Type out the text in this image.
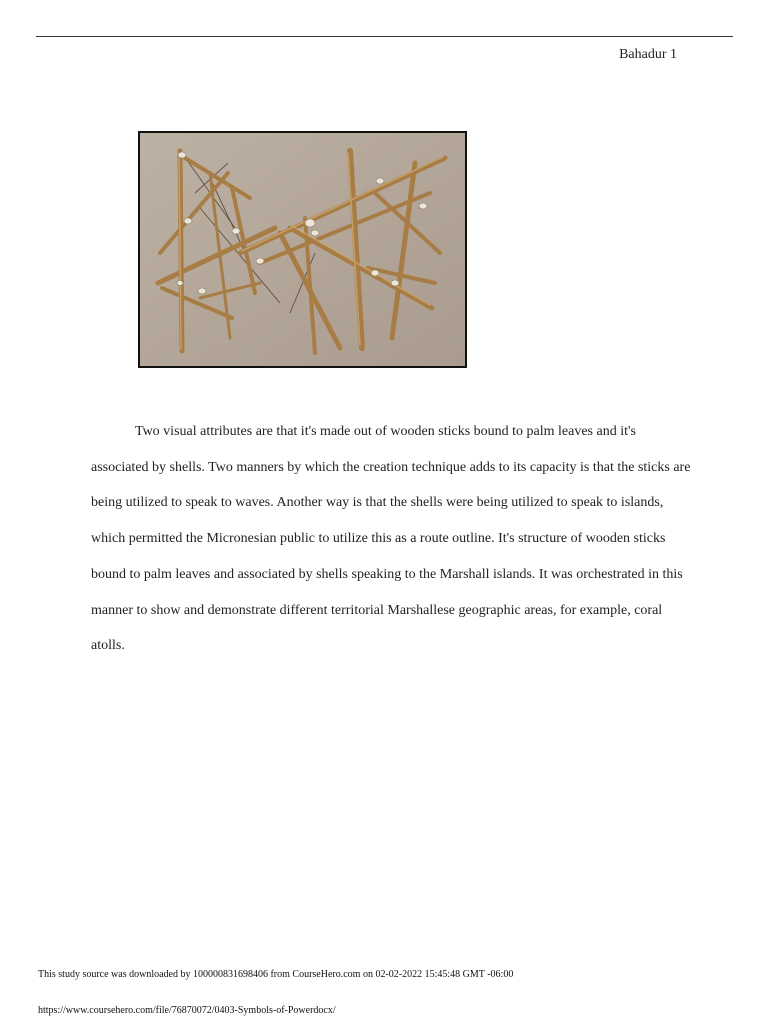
Bahadur 1

Two visual attributes are that it's made out of wooden sticks bound to palm leaves and it's associated by shells. Two manners by which the creation technique adds to its capacity is that the sticks are being utilized to speak to waves. Another way is that the shells were being utilized to speak to islands, which permitted the Micronesian public to utilize this as a route outline. It's structure of wooden sticks bound to palm leaves and associated by shells speaking to the Marshall islands. It was orchestrated in this manner to show and demonstrate different territorial Marshallese geographic areas, for example, coral atolls.

This study source was downloaded by 100000831698406 from CourseHero.com on 02-02-2022 15:45:48 GMT -06:00
https://www.coursehero.com/file/76870072/0403-Symbols-of-Powerdocx/
